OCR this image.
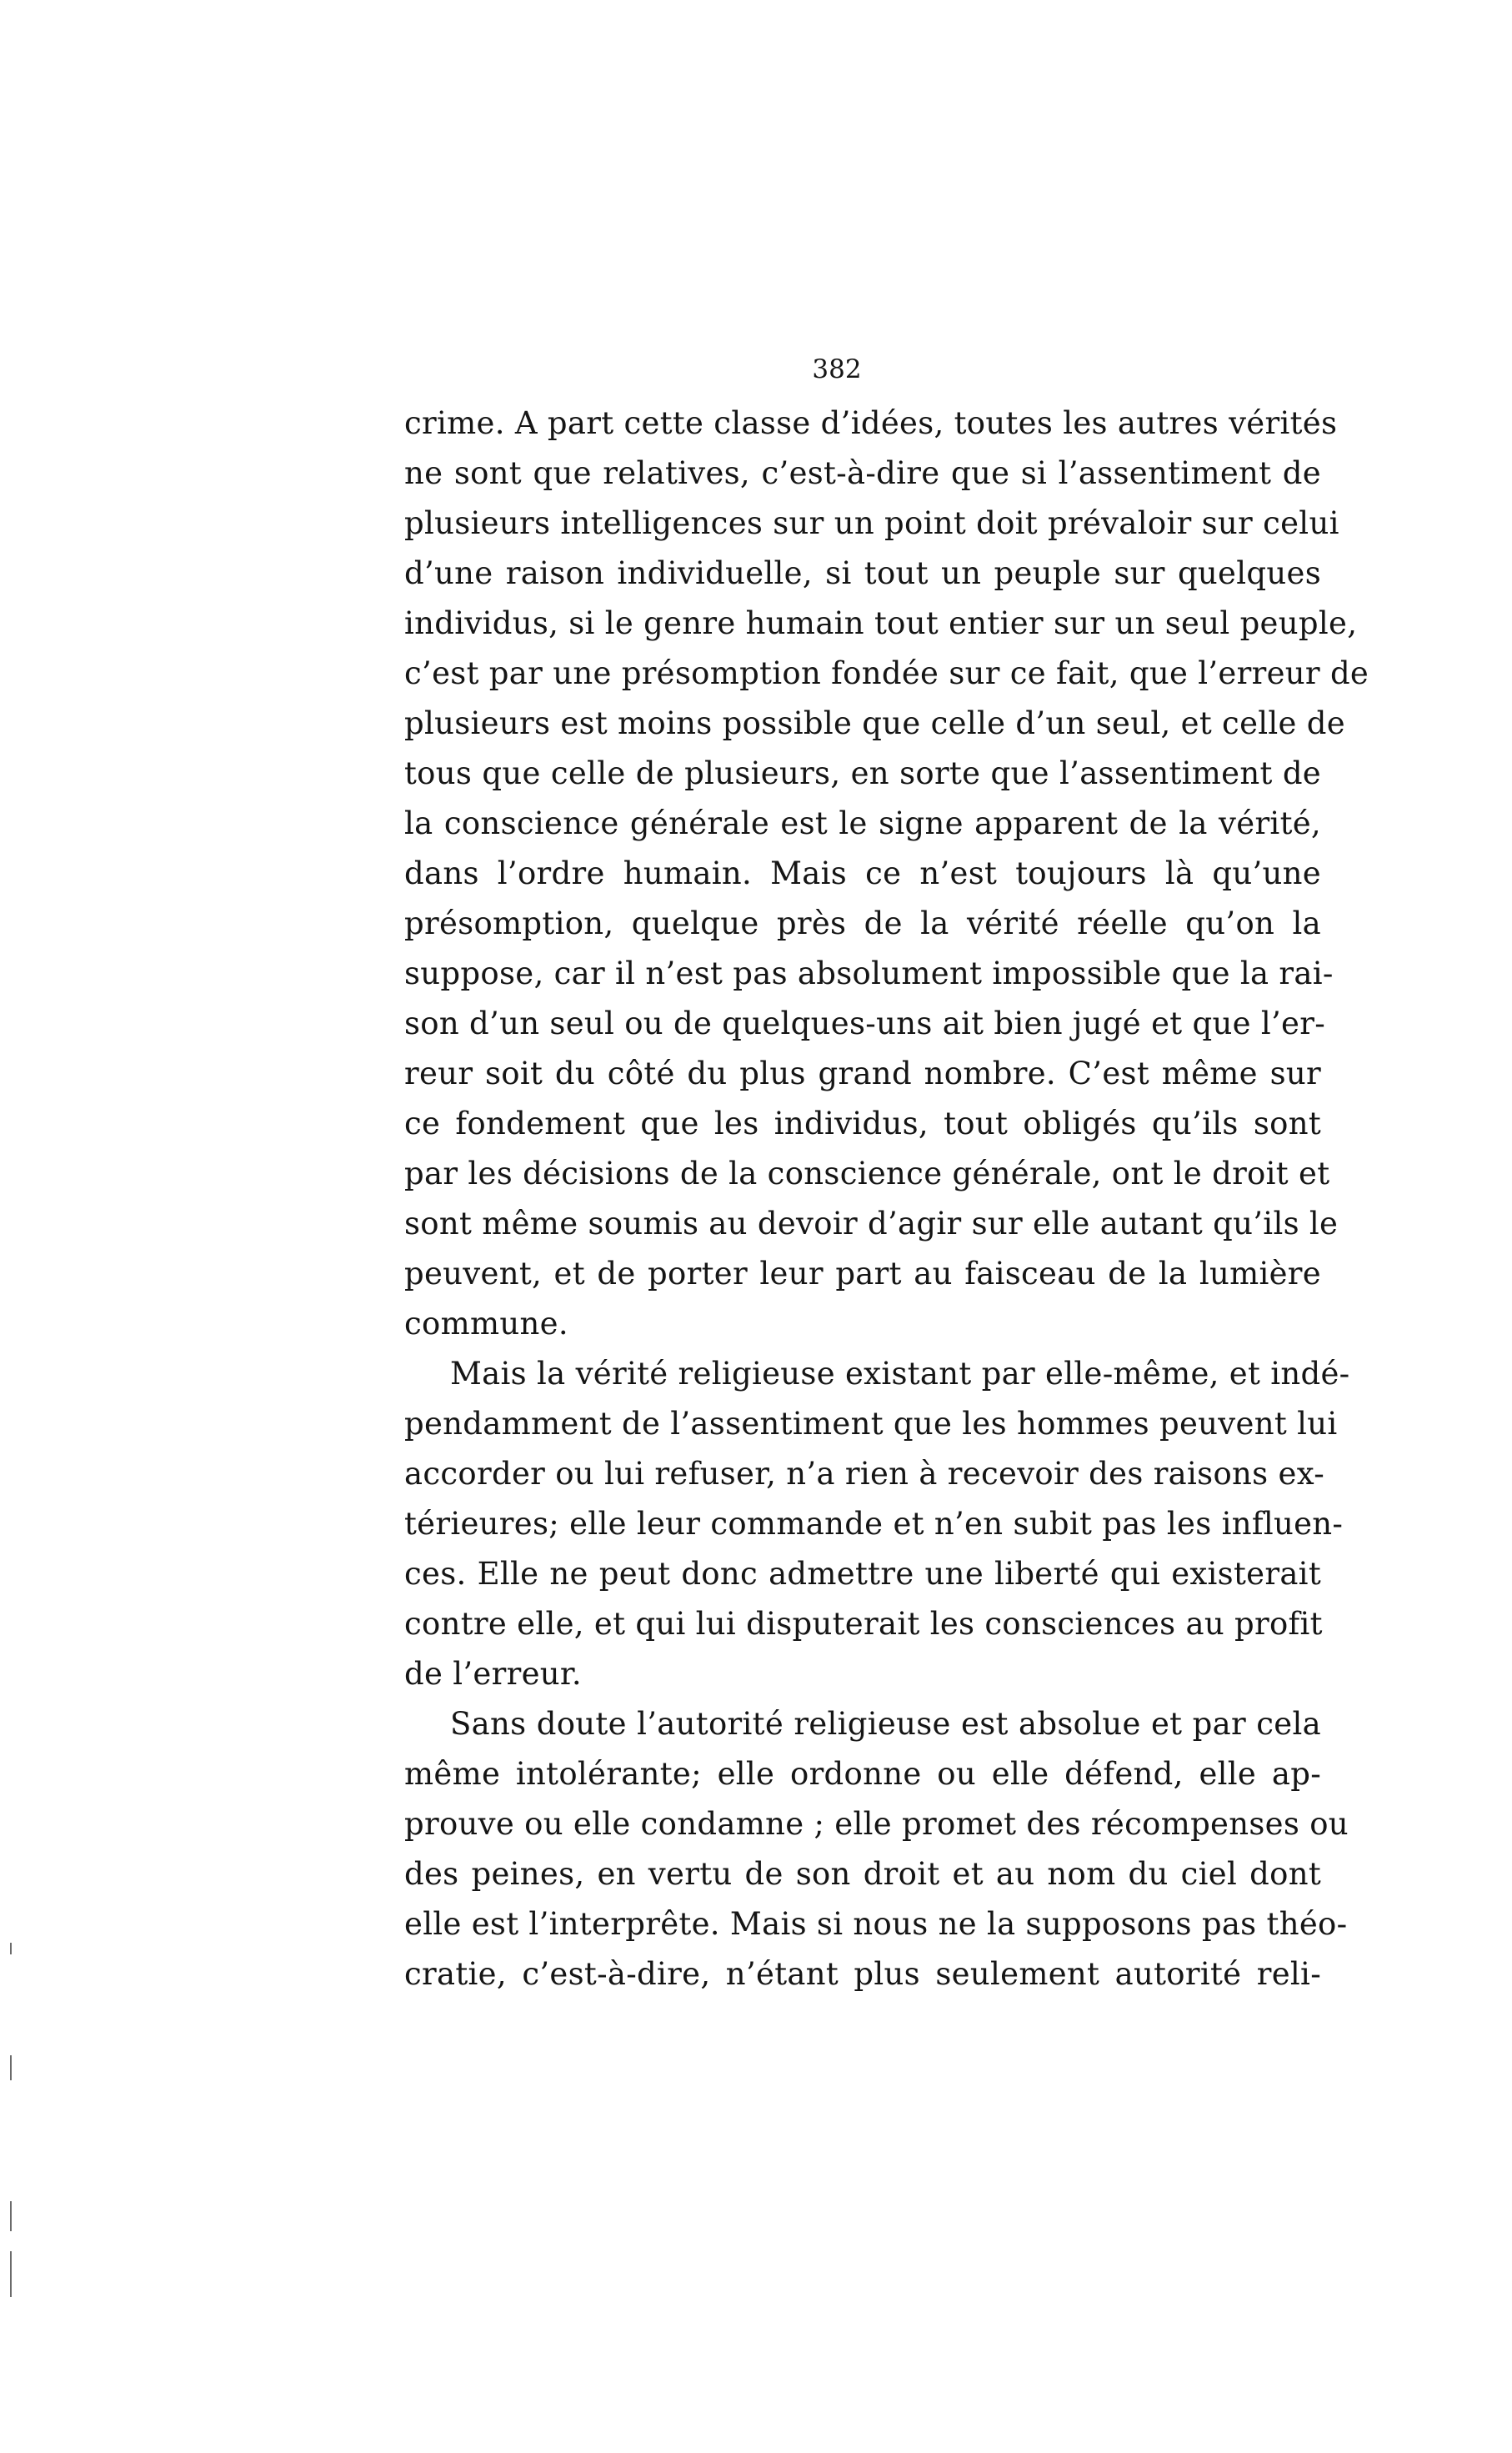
382
crime. A part cette classe d’idées, toutes les autres vérités
ne sont que relatives, c’est-à-dire que si l’assentiment de
plusieurs intelligences sur un point doit prévaloir sur celui
d’une raison individuelle, si tout un peuple sur quelques
individus, si le genre humain tout entier sur un seul peuple,
c’est par une présomption fondée sur ce fait, que l’erreur de
plusieurs est moins possible que celle d’un seul, et celle de
tous que celle de plusieurs, en sorte que l’assentiment de
la conscience générale est le signe apparent de la vérité,
dans l’ordre humain. Mais ce n’est toujours là qu’une
présomption, quelque près de la vérité réelle qu’on la
suppose, car il n’est pas absolument impossible que la rai-
son d’un seul ou de quelques-uns ait bien jugé et que l’er-
reur soit du côté du plus grand nombre. C’est même sur
ce fondement que les individus, tout obligés qu’ils sont
par les décisions de la conscience générale, ont le droit et
sont même soumis au devoir d’agir sur elle autant qu’ils le
peuvent, et de porter leur part au faisceau de la lumière
commune.
Mais la vérité religieuse existant par elle-même, et indé-
pendamment de l’assentiment que les hommes peuvent lui
accorder ou lui refuser, n’a rien à recevoir des raisons ex-
térieures; elle leur commande et n’en subit pas les influen-
ces. Elle ne peut donc admettre une liberté qui existerait
contre elle, et qui lui disputerait les consciences au profit
de l’erreur.
Sans doute l’autorité religieuse est absolue et par cela
même intolérante; elle ordonne ou elle défend, elle ap-
prouve ou elle condamne ; elle promet des récompenses ou
des peines, en vertu de son droit et au nom du ciel dont
elle est l’interprête. Mais si nous ne la supposons pas théo-
cratie, c’est-à-dire, n’étant plus seulement autorité reli-
